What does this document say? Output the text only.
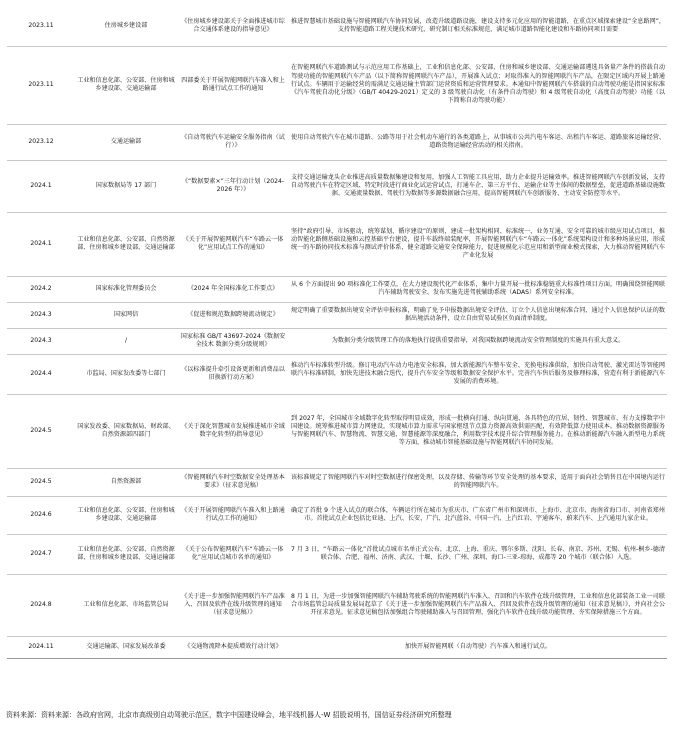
2023.11	住房城乡建设部	《住房城乡建设部关于全面推进城市综合交通体系建设的指导意见》	推进智慧城市基础设施与智能网联汽车协同发展，改造升级道路设施，建设支持多元化应用的智能道路，在重点区域探索建设“全息路网”，支持智能道路工程关键技术研究，研究制订相关标准规范，满足城市道路智能化建设和车路协同项目需要
2023.11	工业和信息化部、公安部、住房和城乡建设部、交通运输部	四部委关于开展智能网联汽车准入和上路通行试点工作的通知	在智能网联汽车道路测试与示范应用工作基础上，工业和信息化部、公安部、住房和城乡建设部、交通运输部遴选具备量产条件的搭载自动驾驶功能的智能网联汽车产品（以下简称智能网联汽车产品），开展准入试点；对取得准入的智能网联汽车产品，在限定区域内开展上路通行试点。车辆用于运输经营的需满足交通运输主管部门运营资质和运营管理要求。本通知中智能网联汽车搭载的自动驾驶功能是指国家标准《汽车驾驶自动化分级》（GB/T 40429-2021）定义的 3 级驾驶自动化（有条件自动驾驶）和 4 级驾驶自动化（高度自动驾驶）功能（以下简称自动驾驶功能）
2023.12	交通运输部	《自动驾驶汽车运输安全服务指南（试行）》	使用自动驾驶汽车在城市道路、公路等用于社会机动车通行的各类道路上，从事城市公共汽电车客运、出租汽车客运、道路旅客运输经营、道路货物运输经营活动的相关指南。
2024.1	国家数据局等 17 部门	《“数据要素×”三年行动计划（2024-2026 年）》	支持交通运输龙头企业推进高质量数据集建设和复用，加强人工智能工具应用，助力企业提升运输效率。推进智能网联汽车创新发展，支持自动驾驶汽车在特定区域、特定时段进行商业化试运营试点，打通车企、第三方平台、运输企业等主体间的数据壁垒，促进道路基础设施数据、交通流量数据、驾驶行为数据等多源数据融合应用，提高智能网联汽车创新服务、主动安全防控等水平。
2024.1	工业和信息化部、公安部、自然资源部、住房和城乡建设部、交通运输部	《关于开展智能网联汽车“车路云一体化”应用试点工作的通知》	坚持“政府引导、市场驱动，统筹谋划、循序建设”的原则，建成一批架构相同、标准统一、业务互通、安全可靠的城市级应用试点项目，推动智能化路侧基础设施和云控基础平台建设，提升车载终端装配率，开展智能网联汽车“车路云一体化”系统架构设计和多种场景应用，形成统一的车路协同技术标准与测试评价体系，健全道路交通安全保障能力，促进规模化示范应用和新型商业模式探索，大力推动智能网联汽车产业化发展
2024.2	国家标准化管理委员会	《2024 年全国标准化工作要点》	从 6 个方面提出 90 项标准化工作要点，在大力建设现代化产业体系，集中力量开展一批标准稳链重大标准性项目方面，明确围绕智能网联汽车辅助驾驶安全、发布实施先进驾驶辅助系统（ADAS）系列安全标准。
2024.3	国家网信	《促进和规范数据跨境流动规定》	规定明确了重要数据出境安全评估申报标准，明确了免予申报数据出境安全评估、订立个人信息出境标准合同、通过个人信息保护认证的数据出境活动条件，设立自由贸易试验区负面清单制度。
2024.3	/	国家标准 GB/T 43697-2024《数据安全技术 数据分类分级规则》	为数据分类分级管理工作的落地执行提供重要指导，对我国数据跨境流动安全管理制度的实施具有重大意义。
2024.4	市监局、国家发改委等七部门	《以标准提升牵引设备更新和消费品以旧换新行动方案》	推动汽车标准转型升级。修订电动汽车动力电池安全标准，加大新能源汽车整车安全、充换电标准供给，加快自动驾驶、激光雷达等智能网联汽车标准研制，加快先进技术融合迭代，提升汽车安全等级和数据安全保护水平。完善汽车售后服务及修理标准，营造有利于新能源汽车发展的消费环境。
2024.5	国家发改委、国家数据局、财政部、自然资源部四部门	《关于深化智慧城市发展推进城市全域数字化转型的指导意见》	到 2027 年，全国城市全域数字化转型取得明显成效，形成一批横向打通、纵向贯通、各具特色的宜居、韧性、智慧城市，有力支撑数字中国建设。统筹推进城市算力网建设，实现城市算力需求与国家枢纽节点算力资源高效供需匹配，有效降低算力使用成本。推动数据资源服务与智能网联汽车、智慧物流、智慧交通、智慧能源等深度融合，利用数字技术提升综合管理服务能力。在推动新能源汽车融入新型电力系统等方面，推动城市智能基础设施与智能网联汽车协同发展。
2024.5	自然资源部	《智能网联汽车时空数据安全处理基本要求》（征求意见稿）	该标准规定了智能网联汽车对时空数据进行保密处理，以及存储、传输等环节安全处理的基本要求，适用于面向社会销售且在中国境内运行的智能网联汽车。
2024.6	工业和信息化部、公安部、住房和城乡建设部、交通运输部	《关于开展智能网联汽车准入和上路通行试点工作的通知》	确定了首批 9 个进入试点的联合体，车辆运行所在城市为重庆市、广东省广州市和深圳市、上海市、北京市、海南省海口市、河南省郑州市。首批试点企业包括比亚迪、上汽、长安、广汽、北汽蓝谷、中国一汽、上汽红岩、宇通客车、蔚来汽车、上汽通用九家企业。
2024.7	工业和信息化部、公安部、自然资源部、住房和城乡建设部、交通运输部	《关于公布智能网联汽车“车路云一体化”应用试点城市名单的通知》	7 月 3 日，“车路云一体化”首批试点城市名单正式公布，北京、上海、重庆、鄂尔多斯、沈阳、长春、南京、苏州、无锡、杭州-桐乡-德清联合体、合肥、福州、济南、武汉、十堰、长沙、广州、深圳、海口-三亚-琼海、成都等 20 个城市（联合体）入选。
2024.8	工业和信息化部、市场监管总局	《关于进一步加强智能网联汽车产品准入、召回及软件在线升级管理的通知（征求意见稿）》	8 月 1 日，为进一步加强智能网联汽车辅助驾驶系统的智能网联汽车准入、召回和汽车软件在线升级管理，工业和信息化部装备工业一司联合市场监管总局质量发展局起草了《关于进一步加强智能网联汽车产品准入、召回及软件在线升级管理的通知（征求意见稿）》，并向社会公开征求意见。征求意见稿包括加强组合驾驶辅助准入与召回管理、强化汽车软件在线升级功能管理、夯实保障措施三个方面。
2024.11	交通运输部、国家发展改革委	《交通物流降本提质增效行动计划》	加快开展智能网联（自动驾驶）汽车准入和通行试点。
资料来源：资料来源：各政府官网，北京市高级别自动驾驶示范区，数字中国建设峰会，地平线机器人-W 招股说明书，国信证券经济研究所整理
